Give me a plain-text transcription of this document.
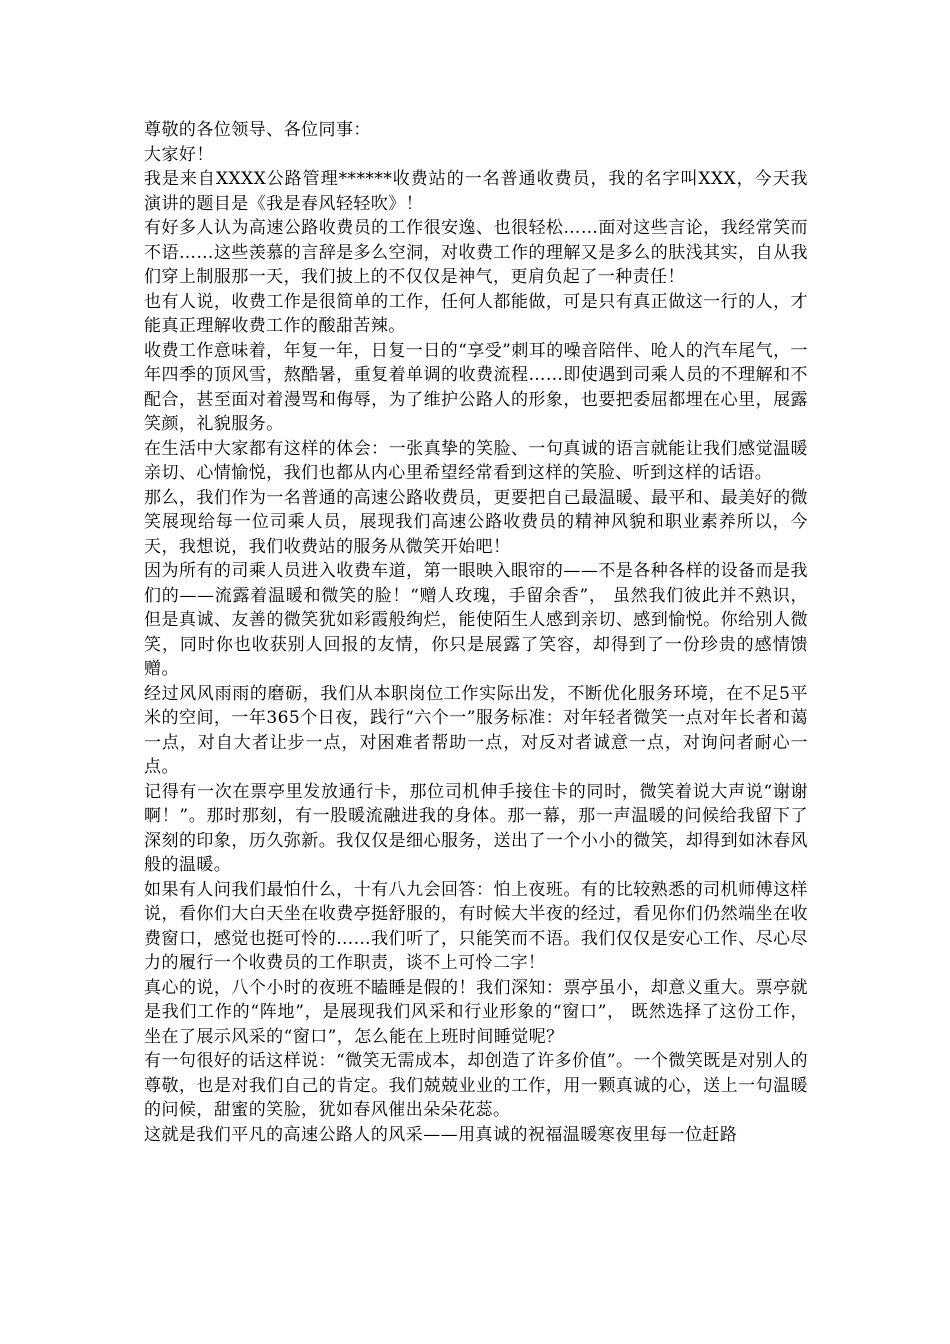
尊敬的各位领导、各位同事：

大家好！

我是来自XXXX公路管理******收费站的一名普通收费员，我的名字叫XXX，今天我演讲的题目是《我是春风轻轻吹》！

有好多人认为高速公路收费员的工作很安逸、也很轻松……面对这些言论，我经常笑而不语……这些羡慕的言辞是多么空洞，对收费工作的理解又是多么的肤浅其实，自从我们穿上制服那一天，我们披上的不仅仅是神气，更肩负起了一种责任！

也有人说，收费工作是很简单的工作，任何人都能做，可是只有真正做这一行的人，才能真正理解收费工作的酸甜苦辣。

收费工作意味着，年复一年，日复一日的“享受”刺耳的噪音陪伴、呛人的汽车尾气，一年四季的顶风雪，熬酷暑，重复着单调的收费流程……即使遇到司乘人员的不理解和不配合，甚至面对着漫骂和侮辱，为了维护公路人的形象，也要把委屈都埋在心里，展露笑颜，礼貌服务。

在生活中大家都有这样的体会：一张真挚的笑脸、一句真诚的语言就能让我们感觉温暖亲切、心情愉悦，我们也都从内心里希望经常看到这样的笑脸、听到这样的话语。

那么，我们作为一名普通的高速公路收费员，更要把自己最温暖、最平和、最美好的微笑展现给每一位司乘人员，展现我们高速公路收费员的精神风貌和职业素养所以，今天，我想说，我们收费站的服务从微笑开始吧！

因为所有的司乘人员进入收费车道，第一眼映入眼帘的——不是各种各样的设备而是我们的——流露着温暖和微笑的脸！“赠人玫瑰，手留余香”， 虽然我们彼此并不熟识，但是真诚、友善的微笑犹如彩霞般绚烂，能使陌生人感到亲切、感到愉悦。你给别人微笑，同时你也收获别人回报的友情，你只是展露了笑容，却得到了一份珍贵的感情馈赠。

经过风风雨雨的磨砺，我们从本职岗位工作实际出发，不断优化服务环境，在不足5平米的空间，一年365个日夜，践行“六个一”服务标准：对年轻者微笑一点对年长者和蔼一点，对自大者让步一点，对困难者帮助一点，对反对者诚意一点，对询问者耐心一点。

记得有一次在票亭里发放通行卡，那位司机伸手接住卡的同时，微笑着说大声说“谢谢啊！”。那时那刻，有一股暖流融进我的身体。那一幕，那一声温暖的问候给我留下了深刻的印象，历久弥新。我仅仅是细心服务，送出了一个小小的微笑，却得到如沐春风般的温暖。

如果有人问我们最怕什么，十有八九会回答：怕上夜班。有的比较熟悉的司机师傅这样说，看你们大白天坐在收费亭挺舒服的，有时候大半夜的经过，看见你们仍然端坐在收费窗口，感觉也挺可怜的……我们听了，只能笑而不语。我们仅仅是安心工作、尽心尽力的履行一个收费员的工作职责，谈不上可怜二字！

真心的说，八个小时的夜班不瞌睡是假的！我们深知：票亭虽小，却意义重大。票亭就是我们工作的“阵地”，是展现我们风采和行业形象的“窗口”， 既然选择了这份工作，坐在了展示风采的“窗口”，怎么能在上班时间睡觉呢？

有一句很好的话这样说：“微笑无需成本，却创造了许多价值”。一个微笑既是对别人的尊敬，也是对我们自己的肯定。我们兢兢业业的工作，用一颗真诚的心，送上一句温暖的问候，甜蜜的笑脸，犹如春风催出朵朵花蕊。

这就是我们平凡的高速公路人的风采——用真诚的祝福温暖寒夜里每一位赶路
